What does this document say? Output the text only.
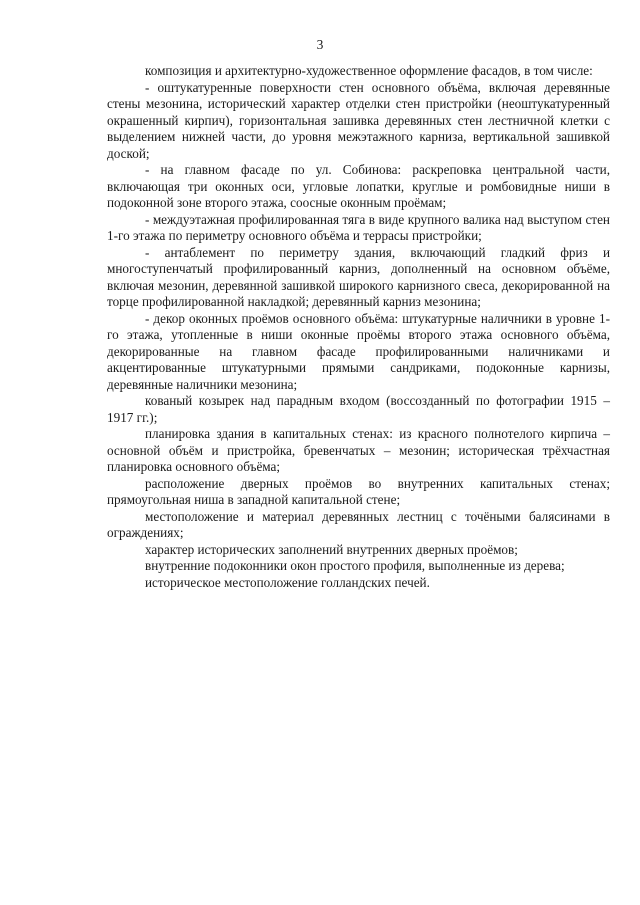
3

композиция и архитектурно-художественное оформление фасадов, в том числе:

- оштукатуренные поверхности стен основного объёма, включая деревянные стены мезонина, исторический характер отделки стен пристройки (неоштукатуренный окрашенный кирпич), горизонтальная зашивка деревянных стен лестничной клетки с выделением нижней части, до уровня межэтажного карниза, вертикальной зашивкой доской;

- на главном фасаде по ул. Собинова: раскреповка центральной части, включающая три оконных оси, угловые лопатки, круглые и ромбовидные ниши в подоконной зоне второго этажа, соосные оконным проёмам;

- междуэтажная профилированная тяга в виде крупного валика над выступом стен 1-го этажа по периметру основного объёма и террасы пристройки;

- антаблемент по периметру здания, включающий гладкий фриз и многоступенчатый профилированный карниз, дополненный на основном объёме, включая мезонин, деревянной зашивкой широкого карнизного свеса, декорированной на торце профилированной накладкой; деревянный карниз мезонина;

- декор оконных проёмов основного объёма: штукатурные наличники в уровне 1-го этажа, утопленные в ниши оконные проёмы второго этажа основного объёма, декорированные на главном фасаде профилированными наличниками и акцентированные штукатурными прямыми сандриками, подоконные карнизы, деревянные наличники мезонина;

кованый козырек над парадным входом (воссозданный по фотографии 1915 – 1917 гг.);

планировка здания в капитальных стенах: из красного полнотелого кирпича – основной объём и пристройка, бревенчатых – мезонин; историческая трёхчастная планировка основного объёма;

расположение дверных проёмов во внутренних капитальных стенах; прямоугольная ниша в западной капитальной стене;

местоположение и материал деревянных лестниц с точёными балясинами в ограждениях;

характер исторических заполнений внутренних дверных проёмов;

внутренние подоконники окон простого профиля, выполненные из дерева;

историческое местоположение голландских печей.
